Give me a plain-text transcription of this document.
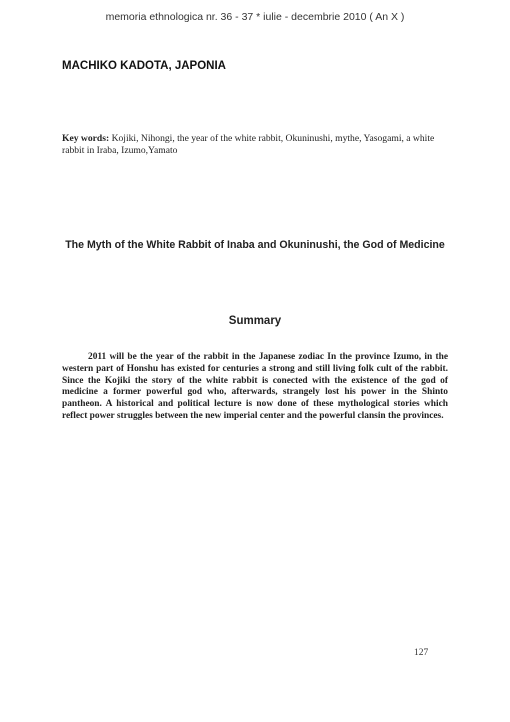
memoria ethnologica nr. 36 - 37 * iulie - decembrie 2010 ( An X )
MACHIKO KADOTA, JAPONIA
Key words: Kojiki, Nihongi, the year of the white rabbit, Okuninushi, mythe, Yasogami, a white rabbit in Iraba, Izumo,Yamato
The Myth of the White Rabbit of Inaba and Okuninushi, the God of Medicine
Summary

2011 will be the year of the rabbit in the Japanese zodiac In the province Izumo, in the western part of Honshu has existed for centuries a strong and still living folk cult of the rabbit. Since the Kojiki the story of the white rabbit is conected with the existence of the god of medicine a former powerful god who, afterwards, strangely lost his power in the Shinto pantheon. A historical and political lecture is now done of these mythological stories which reflect power struggles between the new imperial center and the powerful clansin the provinces.

127
